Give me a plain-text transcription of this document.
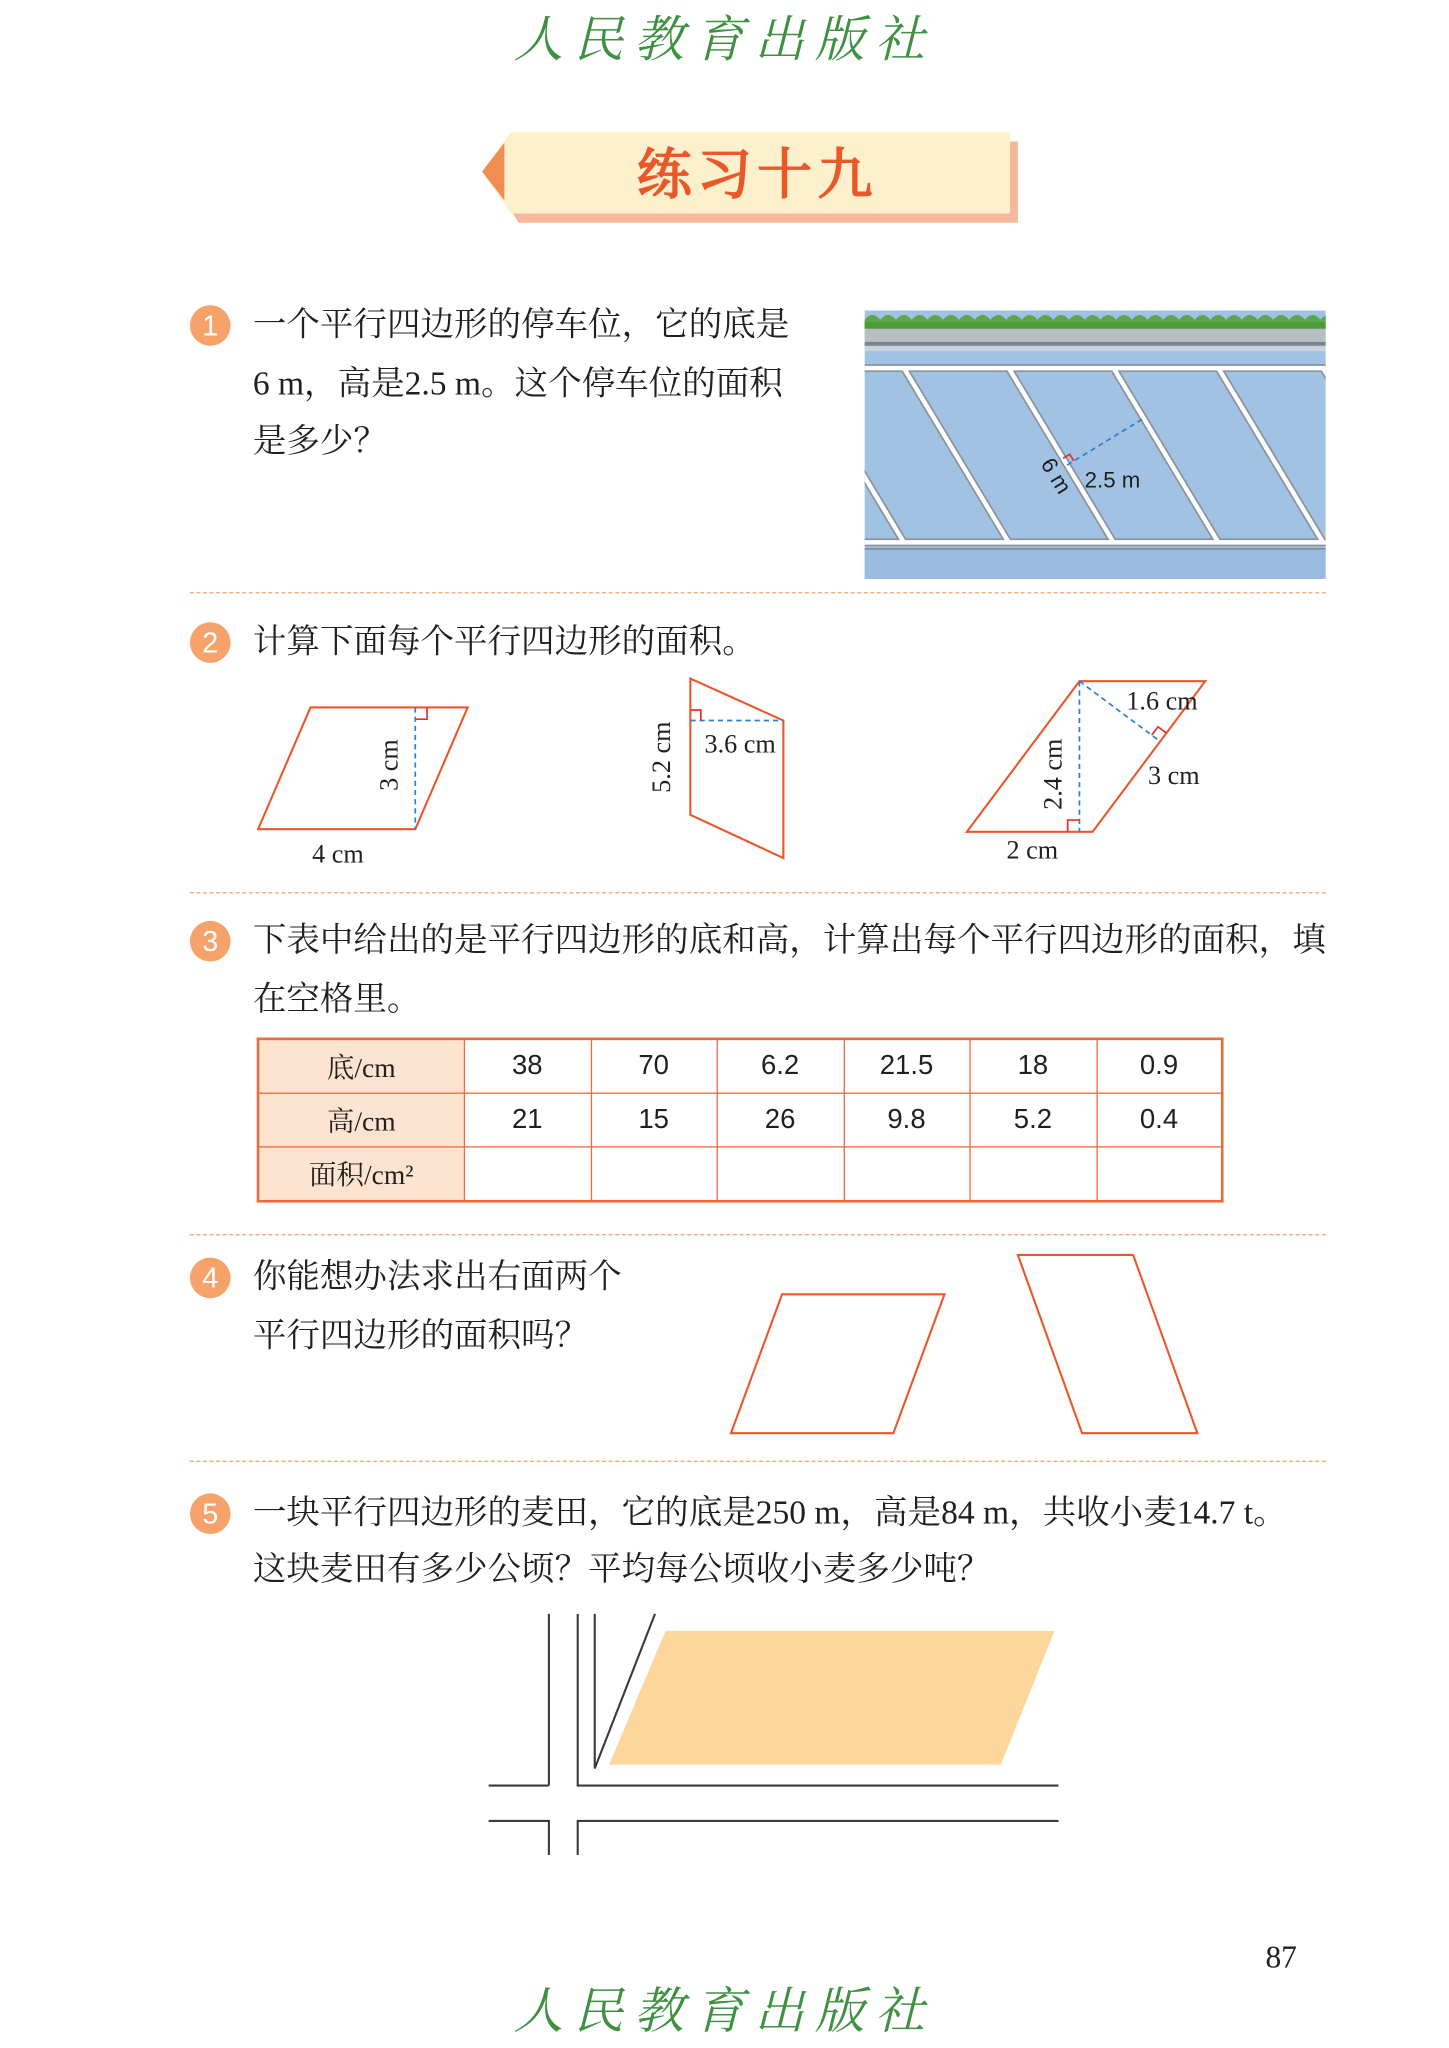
人民教育出版社
练习十九
6 m 2.5 m
3 cm
4 cm
5.2 cm 3.6 cm	2.4 cm
1.6 cm
3 cm
2 cm
1	一个平行四边形的停车位，它的底是
6 m，高是2.5 m。这个停车位的面积
是多少？
2	计算下面每个平行四边形的面积。
3	下表中给出的是平行四边形的底和高，计算出每个平行四边形的面积，填
在空格里。
底/cm	38	70	6.2	21.5	18	0.9
高/cm	21	15	26	9.8	5.2	0.4
面积/cm²						
4	你能想办法求出右面两个
平行四边形的面积吗？
5	一块平行四边形的麦田，它的底是250 m，高是84 m，共收小麦14.7 t。
这块麦田有多少公顷？平均每公顷收小麦多少吨？
87
人民教育出版社
